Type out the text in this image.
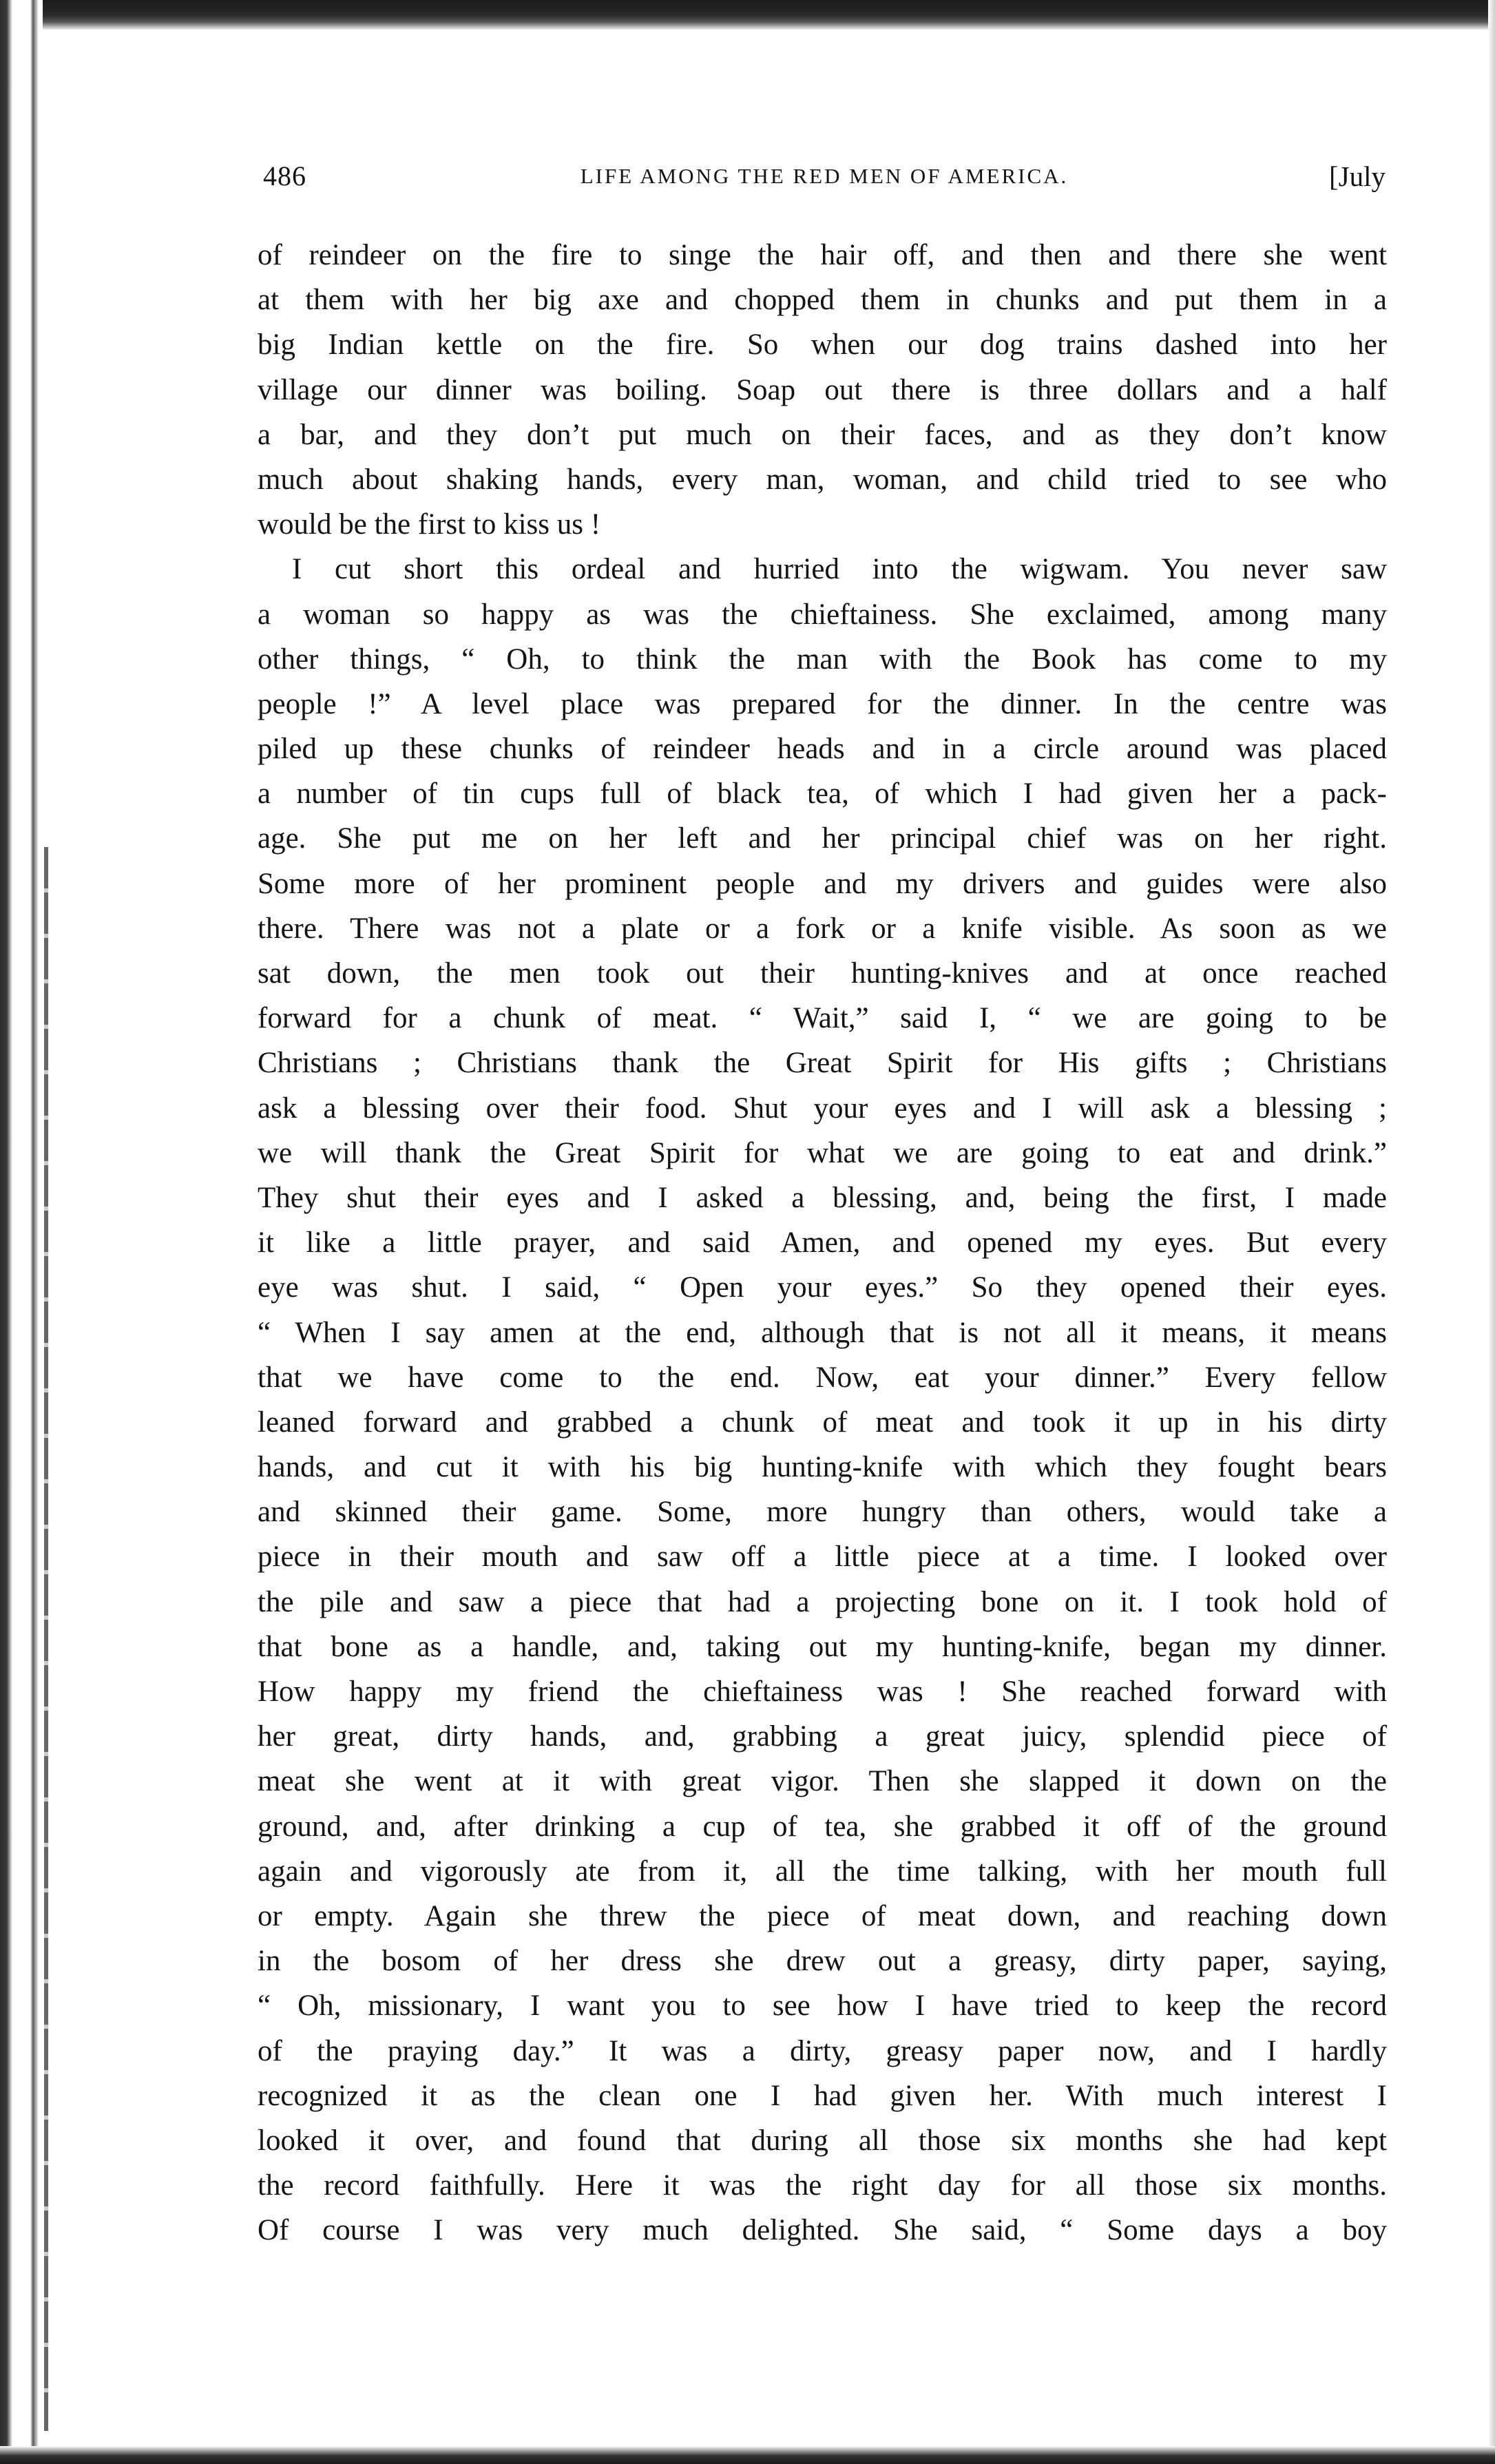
486	LIFE AMONG THE RED MEN OF AMERICA.	[July
of reindeer on the fire to singe the hair off, and then and there she went
at them with her big axe and chopped them in chunks and put them in a
big Indian kettle on the fire. So when our dog trains dashed into her
village our dinner was boiling. Soap out there is three dollars and a half
a bar, and they don’t put much on their faces, and as they don’t know
much about shaking hands, every man, woman, and child tried to see who
would be the first to kiss us !
I cut short this ordeal and hurried into the wigwam. You never saw
a woman so happy as was the chieftainess. She exclaimed, among many
other things, “ Oh, to think the man with the Book has come to my
people !” A level place was prepared for the dinner. In the centre was
piled up these chunks of reindeer heads and in a circle around was placed
a number of tin cups full of black tea, of which I had given her a pack-
age. She put me on her left and her principal chief was on her right.
Some more of her prominent people and my drivers and guides were also
there. There was not a plate or a fork or a knife visible. As soon as we
sat down, the men took out their hunting-knives and at once reached
forward for a chunk of meat. “ Wait,” said I, “ we are going to be
Christians ; Christians thank the Great Spirit for His gifts ; Christians
ask a blessing over their food. Shut your eyes and I will ask a blessing ;
we will thank the Great Spirit for what we are going to eat and drink.”
They shut their eyes and I asked a blessing, and, being the first, I made
it like a little prayer, and said Amen, and opened my eyes. But every
eye was shut. I said, “ Open your eyes.” So they opened their eyes.
“ When I say amen at the end, although that is not all it means, it means
that we have come to the end. Now, eat your dinner.” Every fellow
leaned forward and grabbed a chunk of meat and took it up in his dirty
hands, and cut it with his big hunting-knife with which they fought bears
and skinned their game. Some, more hungry than others, would take a
piece in their mouth and saw off a little piece at a time. I looked over
the pile and saw a piece that had a projecting bone on it. I took hold of
that bone as a handle, and, taking out my hunting-knife, began my dinner.
How happy my friend the chieftainess was ! She reached forward with
her great, dirty hands, and, grabbing a great juicy, splendid piece of
meat she went at it with great vigor. Then she slapped it down on the
ground, and, after drinking a cup of tea, she grabbed it off of the ground
again and vigorously ate from it, all the time talking, with her mouth full
or empty. Again she threw the piece of meat down, and reaching down
in the bosom of her dress she drew out a greasy, dirty paper, saying,
“ Oh, missionary, I want you to see how I have tried to keep the record
of the praying day.” It was a dirty, greasy paper now, and I hardly
recognized it as the clean one I had given her. With much interest I
looked it over, and found that during all those six months she had kept
the record faithfully. Here it was the right day for all those six months.
Of course I was very much delighted. She said, “ Some days a boy
